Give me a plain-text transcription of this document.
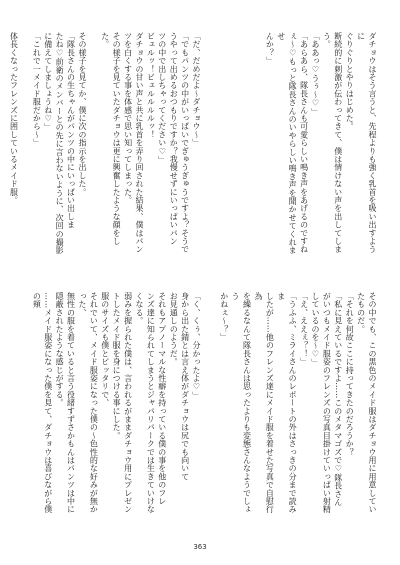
ダチョウはそう言うと、先程よりも強く乳首を吸い出すように
ぐりぐりとやりはじめた。
断続的に刺激が伝わってきて、僕は情けない声を出してしま
う。
「ああっ♡うぅ～♡」
「あらあら、隊長さんも可愛らしい鳴き声をあげるのですね
ぇ～♡もっと隊長さんのいやらしい鳴き声を聞かせてくれませ
んか？」
「だ、だめだよ～ダチョウ～」
「でもパンツの中がいっぱいでぎゅうぎゅうですよ？そうで
うやって出めるおつもりですか？我慢せずにいっぱいパン
ツの中で出しちゃってください♡」
ビュルッ！ビュルルルルッ！
ダチョウの甘い声と共に乳首を弄り回された結果、僕はパン
ツを白くする事を体感で思い知ってしまった。
その様子を見ていたダチョウは更に興奮したような顔をし
た。

その様子を見てか、僕に次の指示を出した。
「隊長さんの生ちゃんがパンツの中にいっぱい出しま
たね♡前衛のメンバーとの先に言わないように、次回の撮影
に備えてしましょうね♡」
「これで一メイド服だから～」

体長くなったフレンズに囲しているメイド服。
その中でも、この黒色のメイド服はダチョウ用に用意してい
たものだ。
「それを何故ここに持ってきたのだろうか？
「私に見えているですよ……このメタマゴズで♡隊長さん
がいつもメイド服姿のフレンズの写真目掛けていっぱい射精
しているのを～♡」
「え、ええぇ？！」
「うふふ、ミライさんのレポートの外はさっきの分まで読みま
したが……他のフレンズ達にメイド服を着せた写真で自慰行為
を繰るなんて隊長さんは思ったよりも変態さんなようでしょう
かねぇ～？」
「く、くぅ、分かったよ♡」
身から出た錆とは言え体がダチョウは尻でも向いて
お見通しのようだ。
それもアプノーマルな性癖を持っている僕の事を他のフレ
ンズ達に知られてしまうとジャパリパークでは生きていけなくなる。
弱みを握られた僕は、言われるがままダチョウ用にプレゼン
トしたメイド服を身につける事にした。
服のサイズも僕とピッタリで、
それでいて、メイド服姿になった僕の〜色性的な好みが無かった、
無性の服を着ていると言う役緒すずさかもんはパンツは中に
隠蔽されたような感じがする。
……メイド服姿になった僕を見て、ダチョウは喜びながら僕の頬
363
